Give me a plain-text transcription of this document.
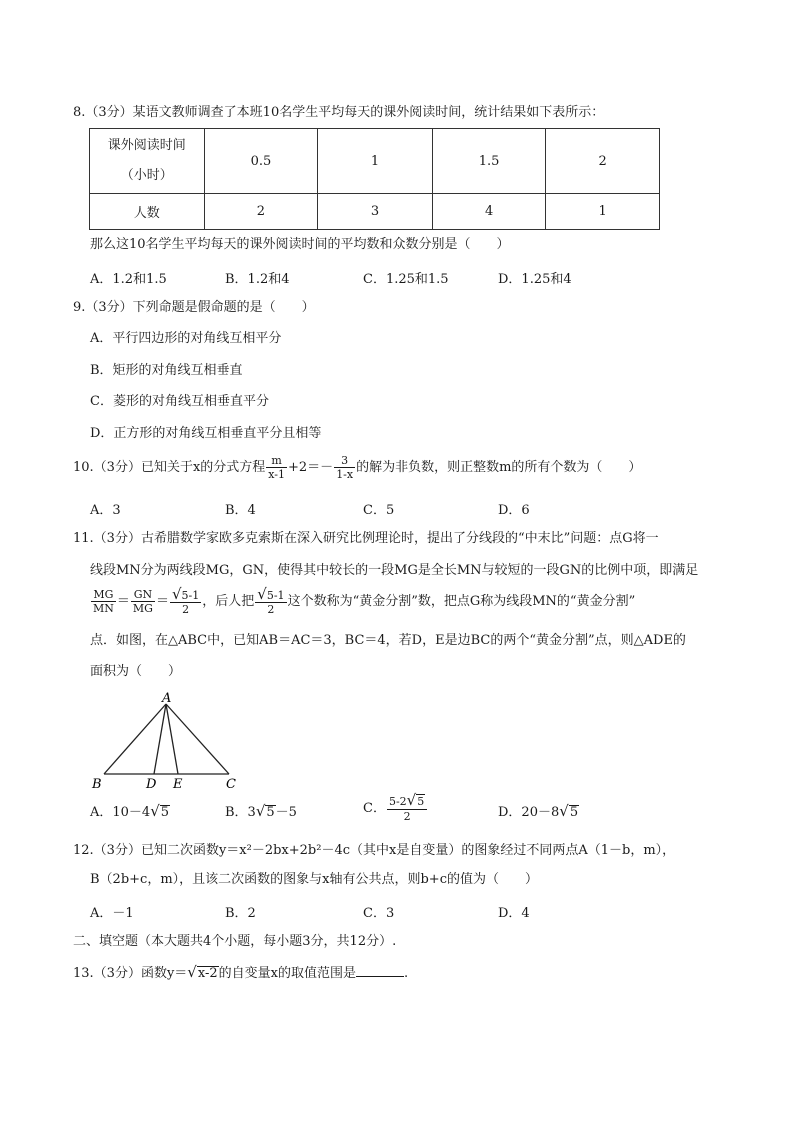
8.（3分）某语文教师调查了本班10名学生平均每天的课外阅读时间，统计结果如下表所示：
课外阅读时间
（小时）	0.5	1	1.5	2
人数	2	3	4	1
那么这10名学生平均每天的课外阅读时间的平均数和众数分别是（　　）
A．1.2和1.5	B．1.2和4	C．1.25和1.5	D．1.25和4
9.（3分）下列命题是假命题的是（　　）
A．平行四边形的对角线互相平分
B．矩形的对角线互相垂直
C．菱形的对角线互相垂直平分
D．正方形的对角线互相垂直平分且相等
10.（3分）已知关于x的分式方程 $\frac{m}{x-1} +2=- \frac{3}{1-x}$ 的解为非负数，则正整数m的所有个数为（　　）
A．3	B．4	C．5	D．6
11.（3分）古希腊数学家欧多克索斯在深入研究比例理论时，提出了分线段的“中末比”问题：点G将一
线段MN分为两线段MG，GN，使得其中较长的一段MG是全长MN与较短的一段GN的比例中项，即满足
$\frac{MG}{MN} = \frac{GN}{MG} = \frac{√5-1}{2}$ ，后人把 $\frac{√5-1}{2}$ 这个数称为“黄金分割”数，把点G称为线段MN的“黄金分割”
点．如图，在△ABC中，已知AB＝AC＝3，BC＝4，若D，E是边BC的两个“黄金分割”点，则△ADE的
面积为（　　）
A
B	D E	C
A．10－4√5	B．3√5－5	C． $\frac{5-2√5}{2}$	D．20－8√5
12.（3分）已知二次函数y＝x²－2bx+2b²－4c（其中x是自变量）的图象经过不同两点A（1－b，m），
B（2b+c，m），且该二次函数的图象与x轴有公共点，则b+c的值为（　　）
A．－1	B．2	C．3	D．4
二、填空题（本大题共4个小题，每小题3分，共12分）.
13.（3分）函数y＝√x-2的自变量x的取值范围是	.
